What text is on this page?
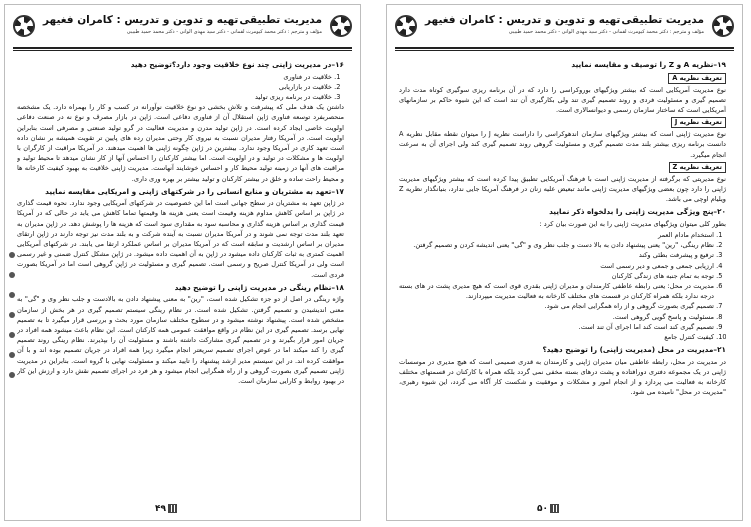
مدیریت تطبیقی
تهیه و تدوین و تدریس : کامران فغیهر
مؤلف و مترجم : دکتر محمد کیومرث لقمانی - دکتر سید مهدی الوانی - دکتر محمد حمید طبیبی
۱۹–نظریه A و Z را توصیف و مقایسه نمایید
تعریف نظریه A

نوع مدیریت آمریکایی است که بیشتر ویژگیهای بوروکراسی را دارد که در آن برنامه ریزی سوگیری کوتاه مدت دارد تصمیم گیری و مسئولیت فردی و روند تصمیم گیری تند ولی بکارگیری آن تند است که این شیوه حاکم بر سازمانهای آمریکایی است که ساختار سازمان رسمی و دیوانسالاری است.

تعریف نظریه J

نوع مدیریت ژاپنی است که بیشتر ویژگیهای سازمان اندهوکراسی را داراست نظریه J را میتوان نقطه مقابل نظریه A دانست برنامه ریزی بیشتر بلند مدت تصمیم گیری و مسئولیت گروهی روند تصمیم گیری کند ولی اجرای آن به سرعت انجام میگیرد.

تعریف نظریه Z

نوع مدیریتی که برگرفته از مدیریت ژاپنی است با فرهنگ آمریکایی تطبیق پیدا کرده است که بیشتر ویژگیهای مدیریت ژاپنی را دارد چون بعضی ویژگیهای مدیریت ژاپنی مانند تبعیض علیه زنان در فرهنگ آمریکا جایی ندارد، بنیانگذار نظریه Z ویلیام اوچی می باشد.

۲۰–پنج ویژگی مدیریت ژاپنی را بدلخواه ذکر نمایید

بطور کلی میتوان ویژگیهای مدیریت ژاپنی را به این صورت بیان کرد :

1. استخدام مادام العمر
2. نظام رینگی، "رین" یعنی پیشنهاد دادن به بالا دست و جلب نظر وی و "گی" یعنی اندیشه کردن و تصمیم گرفتن.
3. ترفیع و پیشرفت بطئی وکند
4. ارزیابی جمعی و جمعی و دیر رسمی است
5. توجه به تمام جنبه های زندگی کارکنان
6. مدیریت در محل: یعنی رابطه عاطفی کارمندان و مدیران ژاپنی بقدری قوی است که هیچ مدیری پشت در های بسته درجه ندارد بلکه همراه کارکنان در قسمت های مختلف کارخانه به فعالیت مدیریت میپردازند.
7. تصمیم گیری بصورت گروهی و از راه همگرایی انجام می شود.
8. مسئولیت و پاسخ گویی گروهی است.
9. تصمیم گیری کند است کند اما اجرای آن تند است.
10. کیفیت کنترل جامع
۲۱–مدیریت در محل (مدیریت ژاپنی) را توضیح دهید؟

در مدیریت در محل، رابطه عاطفی میان مدیران ژاپنی و کارمندان به قدری صمیمی است که هیچ مدیری در موسسات ژاپنی در یک مجموعه دفتری دورافتاده و پشت درهای بسته مخفی نمی گردد بلکه همراه با کارکنان در قسمتهای مختلف کارخانه به فعالیت می پردازد و از انجام امور و مشکلات و موفقیت و شکست کار آگاه می گردد، این شیوه رهبری، "مدیریت در محل" نامیده می شود.

۵۰
مدیریت تطبیقی
تهیه و تدوین و تدریس : کامران فغیهر
مؤلف و مترجم : دکتر محمد کیومرث لقمانی - دکتر سید مهدی الوانی - دکتر محمد حمید طبیبی
۱۶–در مدیریت ژاپنی چند نوع خلاقیت وجود دارد؟توضیح دهید
1. خلاقیت در فناوری
2. خلاقیت در بازاریابی
3. خلاقیت در برنامه ریزی تولید

داشتن یک هدف ملی که پیشرفت و تلاش بخشی دو نوع خلاقیت نوآورانه در کسب و کار را بهمراه دارد. یک مشخصه منحصربفرد توسعه فناوری ژاپن استقلال آن از فناوری دفاعی است. ژاپن در بازار مصرف و نوع نه در صنعت دفاعی اولویت خاصی ایجاد کرده است. در ژاپن تولید مدرن و مدیریت فعالیت در گرو تولید صنعتی و مصرفی است بنابراین اولویت است. در آمریکا رفتار مدیران نسبت به نیروی کار وحتی مدیران رده های پایین تر تقویت همیشه بر نشان داده است تعهد کاری در آمریکا وجود ندارد. بیشترین در ژاپن چگونه ژاپنی ها اهمیت میدهند. در آمریکا مراقبت از کارگران با اولویت ها و مشکلات در تولید و در اولویت است. اما بیشتر کارکنان را احساس آنها از کار نشان میدهد تا محیط تولید و مراقبت های آنها در زمینه تولید محیط کار و احساس خوشایند آنهاست. مدیریت ژاپنی خلاقیت به بهبود کیفیت کارخانه ها و محیط راحت ساده و خلق در بیشتر کارکنان و تولید بیشتر بر بهره وری داری.

۱۷–تعهد به مشتریان و منابع انسانی را در شرکتهای ژاپنی و امریکایی مقایسه نمایید

در ژاپن تعهد به مشتریان در سطح جهانی است اما این خصوصیت در شرکتهای آمریکایی وجود ندارد. نحوه قیمت گذاری در ژاپن بر اساس کاهش مداوم هزینه وقیمت است یعنی هزینه ها وقیمتها تماما کاهش می یابد در حالی که در آمریکا قیمت گذاری بر اساس هزینه گذاری و محاسبه سود به مقداری سود است که هزینه ها را پوشش دهد. در ژاپن مدیران به تعهد بلند مدت توجه نمی شوند و در آمریکا مدیران نسبت به آینده شرکت و به بلند مدت نیز توجه دارند در ژاپن ارتقای مدیران بر اساس ارشدیت و سابقه است که در آمریکا مدیران بر اساس عملکرد ارتقا می یابند. در شرکتهای آمریکایی اهمیت کمتری به ثبات کارکنان داده میشود در ژاپن به آن اهمیت داده میشود. در ژاپن مشکل کنترل ضمنی و غیر رسمی است ولی در آمریکا کنترل صریح و رسمی است. تصمیم گیری و مسئولیت در ژاپن گروهی است اما در آمریکا بصورت فردی است.

۱۸–نظام رینگی در مدیریت ژاپنی را توضیح دهید

واژه رینگی در اصل از دو جزء تشکیل شده است، "رین" به معنی پیشنهاد دادن به بالادست و جلب نظر وی و "گی" به معنی اندیشیدن و تصمیم گرفتن. تشکیل شده است. در نظام رینگی سیستم تصمیم گیری در هر بخش از سازمان مشخص شده است. پیشنهاد نوشته میشود و در سطوح مختلف سازمان مورد بحث و بررسی قرار میگیرد تا به تصمیم نهایی برسد. تصمیم گیری در این نظام در واقع موافقت عمومی همه کارکنان است. این نظام باعث میشود همه افراد در جریان امور قرار بگیرند و در تصمیم گیری مشارکت داشته باشند و مسئولیت آن را بپذیرند. نظام رینگی روند تصمیم گیری را کند میکند اما در عوض اجرای تصمیم سریعتر انجام میگیرد زیرا همه افراد در جریان تصمیم بوده اند و با آن موافقت کرده اند. در این سیستم مدیر ارشد پیشنهاد را تایید میکند و مسئولیت نهایی با گروه است. بنابراین در مدیریت ژاپنی تصمیم گیری بصورت گروهی و از راه همگرایی انجام میشود و هر فرد در اجرای تصمیم نقش دارد و ارزش این کار در بهبود روابط و کارایی سازمان است.

۴۹
